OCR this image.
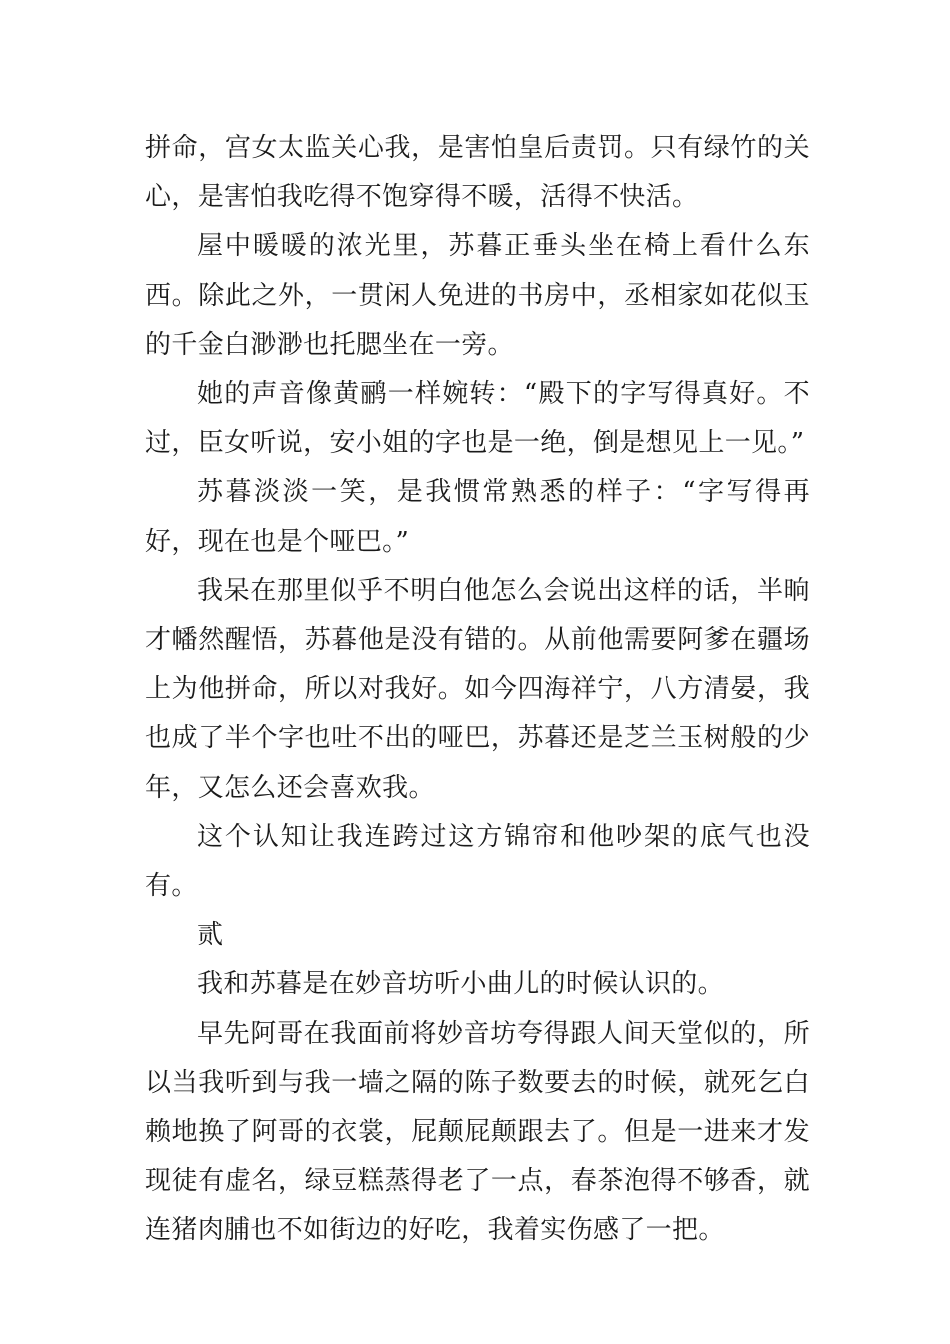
拼命，宫女太监关心我，是害怕皇后责罚。只有绿竹的关心，是害怕我吃得不饱穿得不暖，活得不快活。

屋中暖暖的浓光里，苏暮正垂头坐在椅上看什么东西。除此之外，一贯闲人免进的书房中，丞相家如花似玉的千金白渺渺也托腮坐在一旁。

她的声音像黄鹂一样婉转：“殿下的字写得真好。不过，臣女听说，安小姐的字也是一绝，倒是想见上一见。”

苏暮淡淡一笑，是我惯常熟悉的样子：“字写得再好，现在也是个哑巴。”

我呆在那里似乎不明白他怎么会说出这样的话，半晌才幡然醒悟，苏暮他是没有错的。从前他需要阿爹在疆场上为他拼命，所以对我好。如今四海祥宁，八方清晏，我也成了半个字也吐不出的哑巴，苏暮还是芝兰玉树般的少年，又怎么还会喜欢我。

这个认知让我连跨过这方锦帘和他吵架的底气也没有。

贰

我和苏暮是在妙音坊听小曲儿的时候认识的。

早先阿哥在我面前将妙音坊夸得跟人间天堂似的，所以当我听到与我一墙之隔的陈子数要去的时候，就死乞白赖地换了阿哥的衣裳，屁颠屁颠跟去了。但是一进来才发现徒有虚名，绿豆糕蒸得老了一点，春茶泡得不够香，就连猪肉脯也不如街边的好吃，我着实伤感了一把。
